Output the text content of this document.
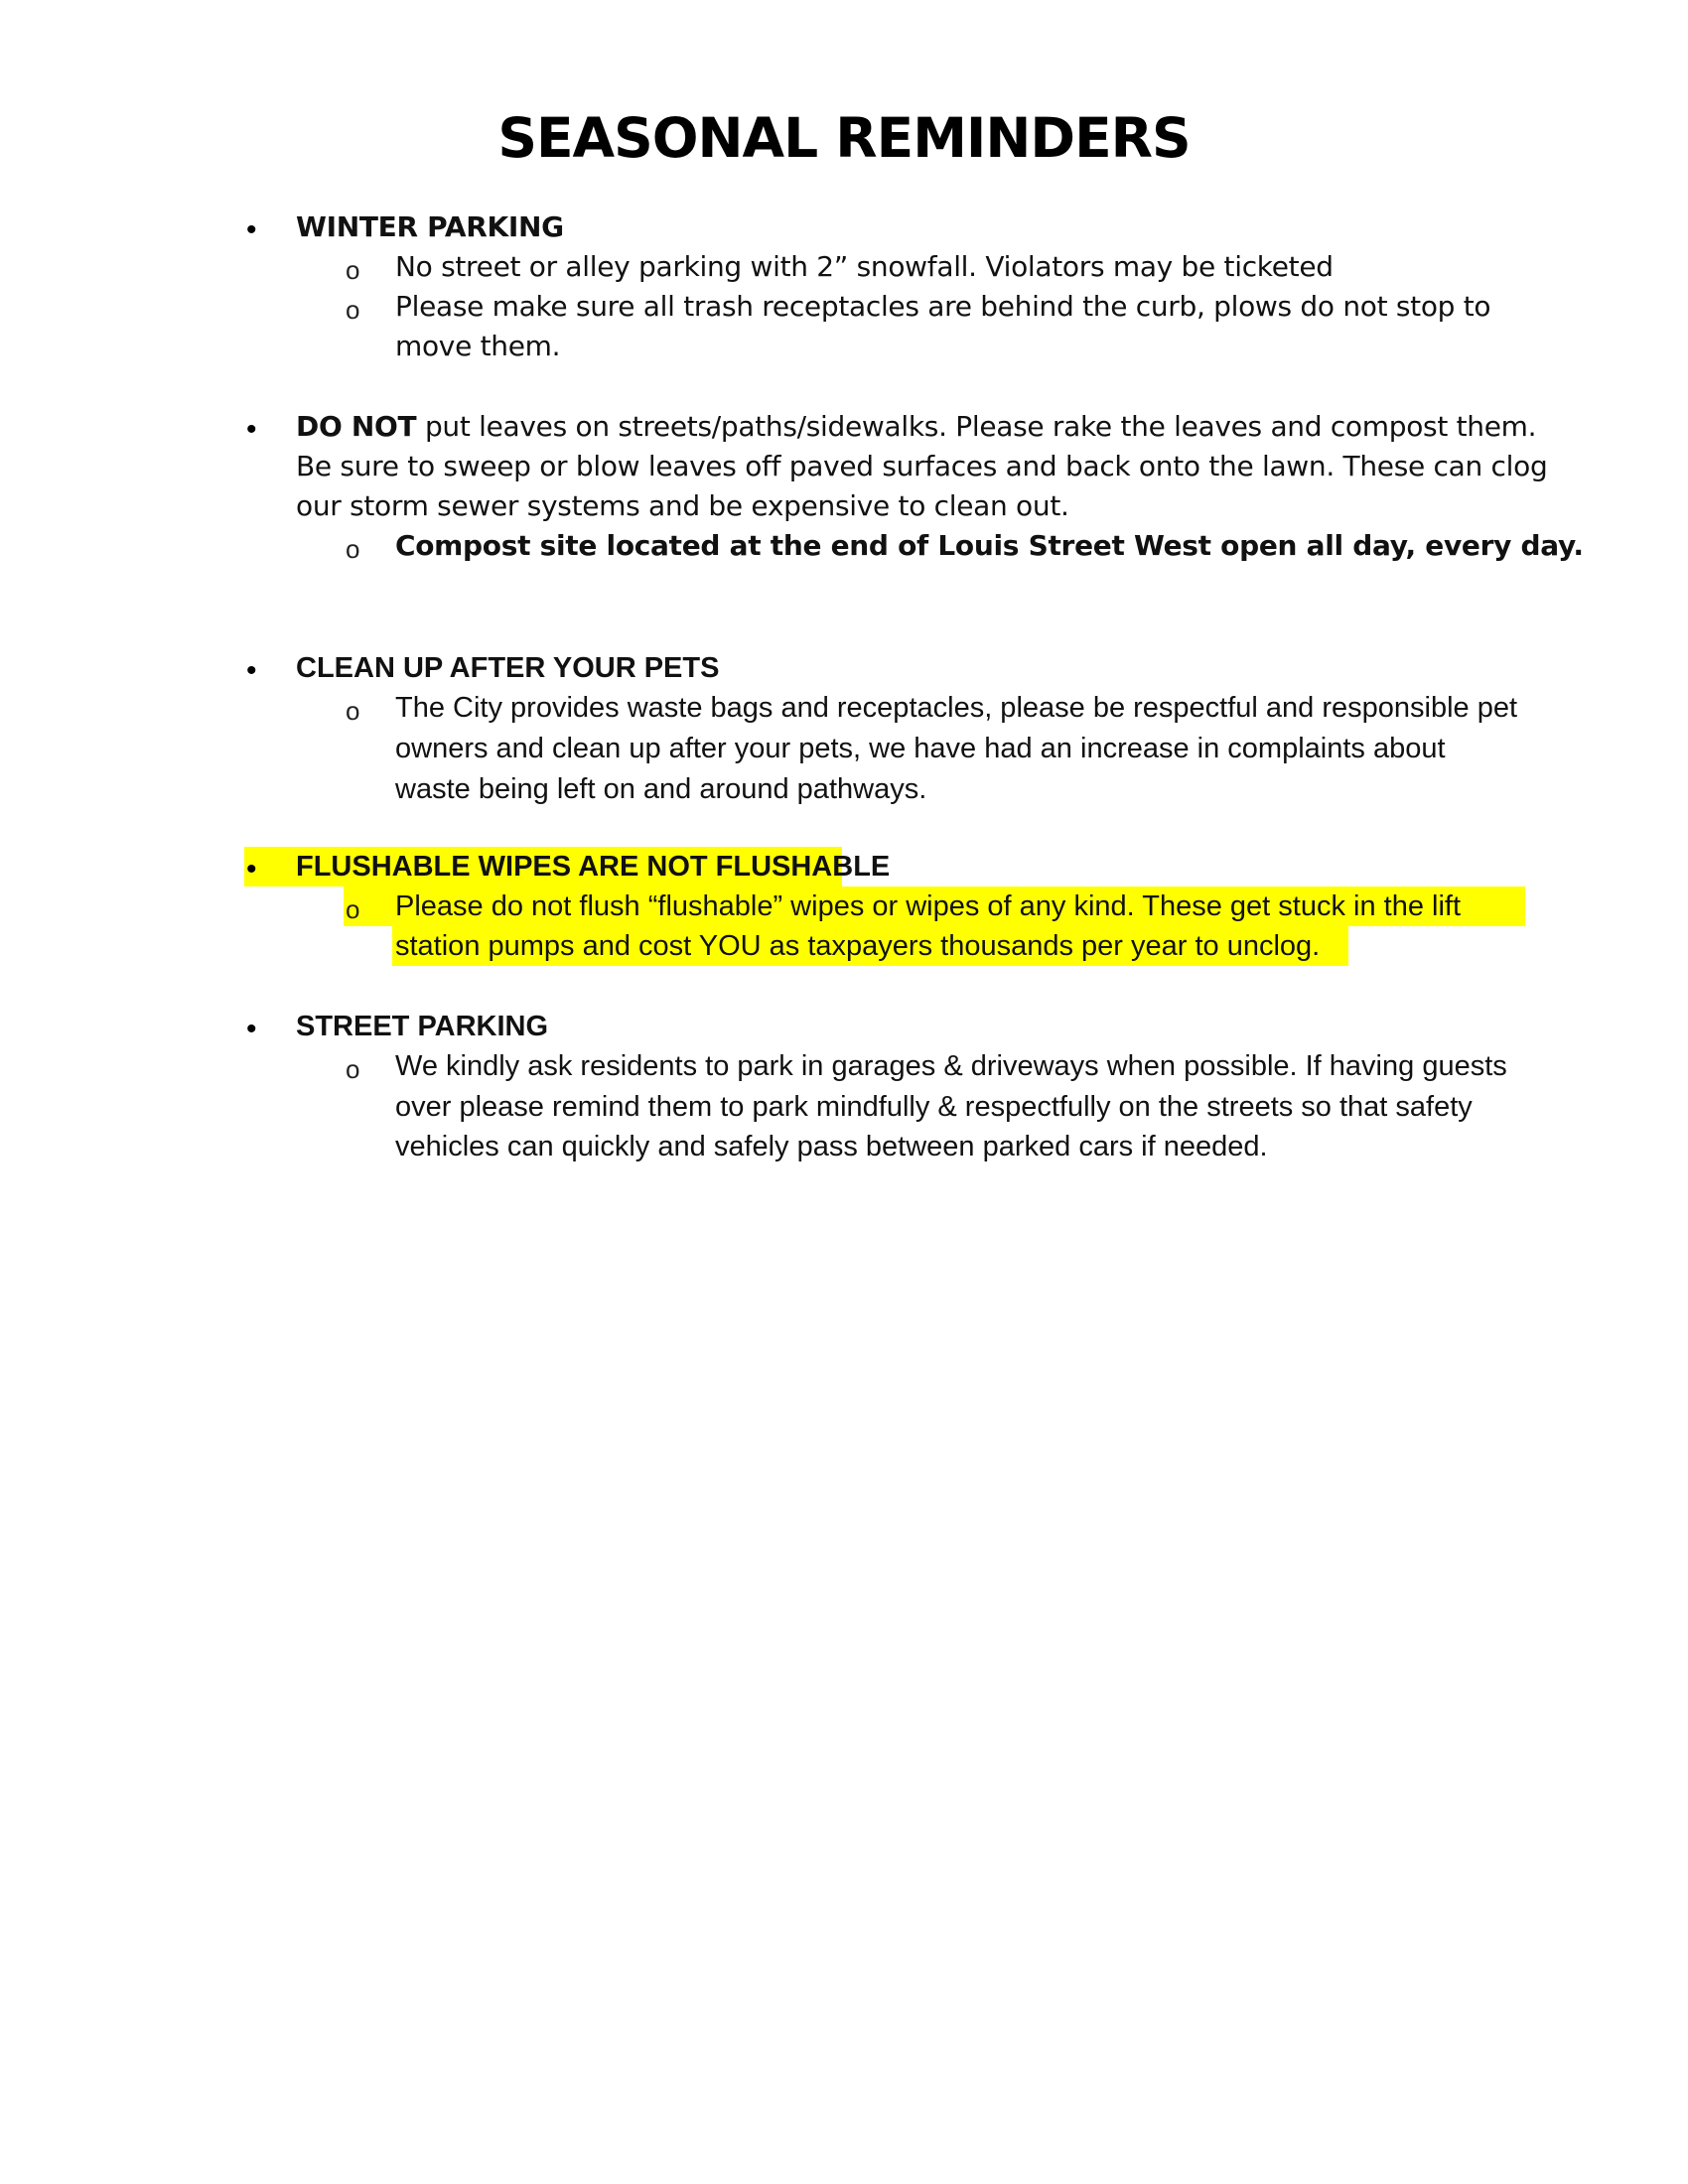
SEASONAL REMINDERS
• WINTER PARKING

o No street or alley parking with 2” snowfall. Violators may be ticketed

o Please make sure all trash receptacles are behind the curb, plows do not stop to

move them.

• DO NOT put leaves on streets/paths/sidewalks. Please rake the leaves and compost them.

Be sure to sweep or blow leaves off paved surfaces and back onto the lawn. These can clog

our storm sewer systems and be expensive to clean out.

o Compost site located at the end of Louis Street West open all day, every day.

• CLEAN UP AFTER YOUR PETS

o The City provides waste bags and receptacles, please be respectful and responsible pet

owners and clean up after your pets, we have had an increase in complaints about

waste being left on and around pathways.

• FLUSHABLE WIPES ARE NOT FLUSHABLE

o Please do not flush “flushable” wipes or wipes of any kind. These get stuck in the lift

station pumps and cost YOU as taxpayers thousands per year to unclog.

• STREET PARKING

o We kindly ask residents to park in garages & driveways when possible. If having guests

over please remind them to park mindfully & respectfully on the streets so that safety

vehicles can quickly and safely pass between parked cars if needed.
